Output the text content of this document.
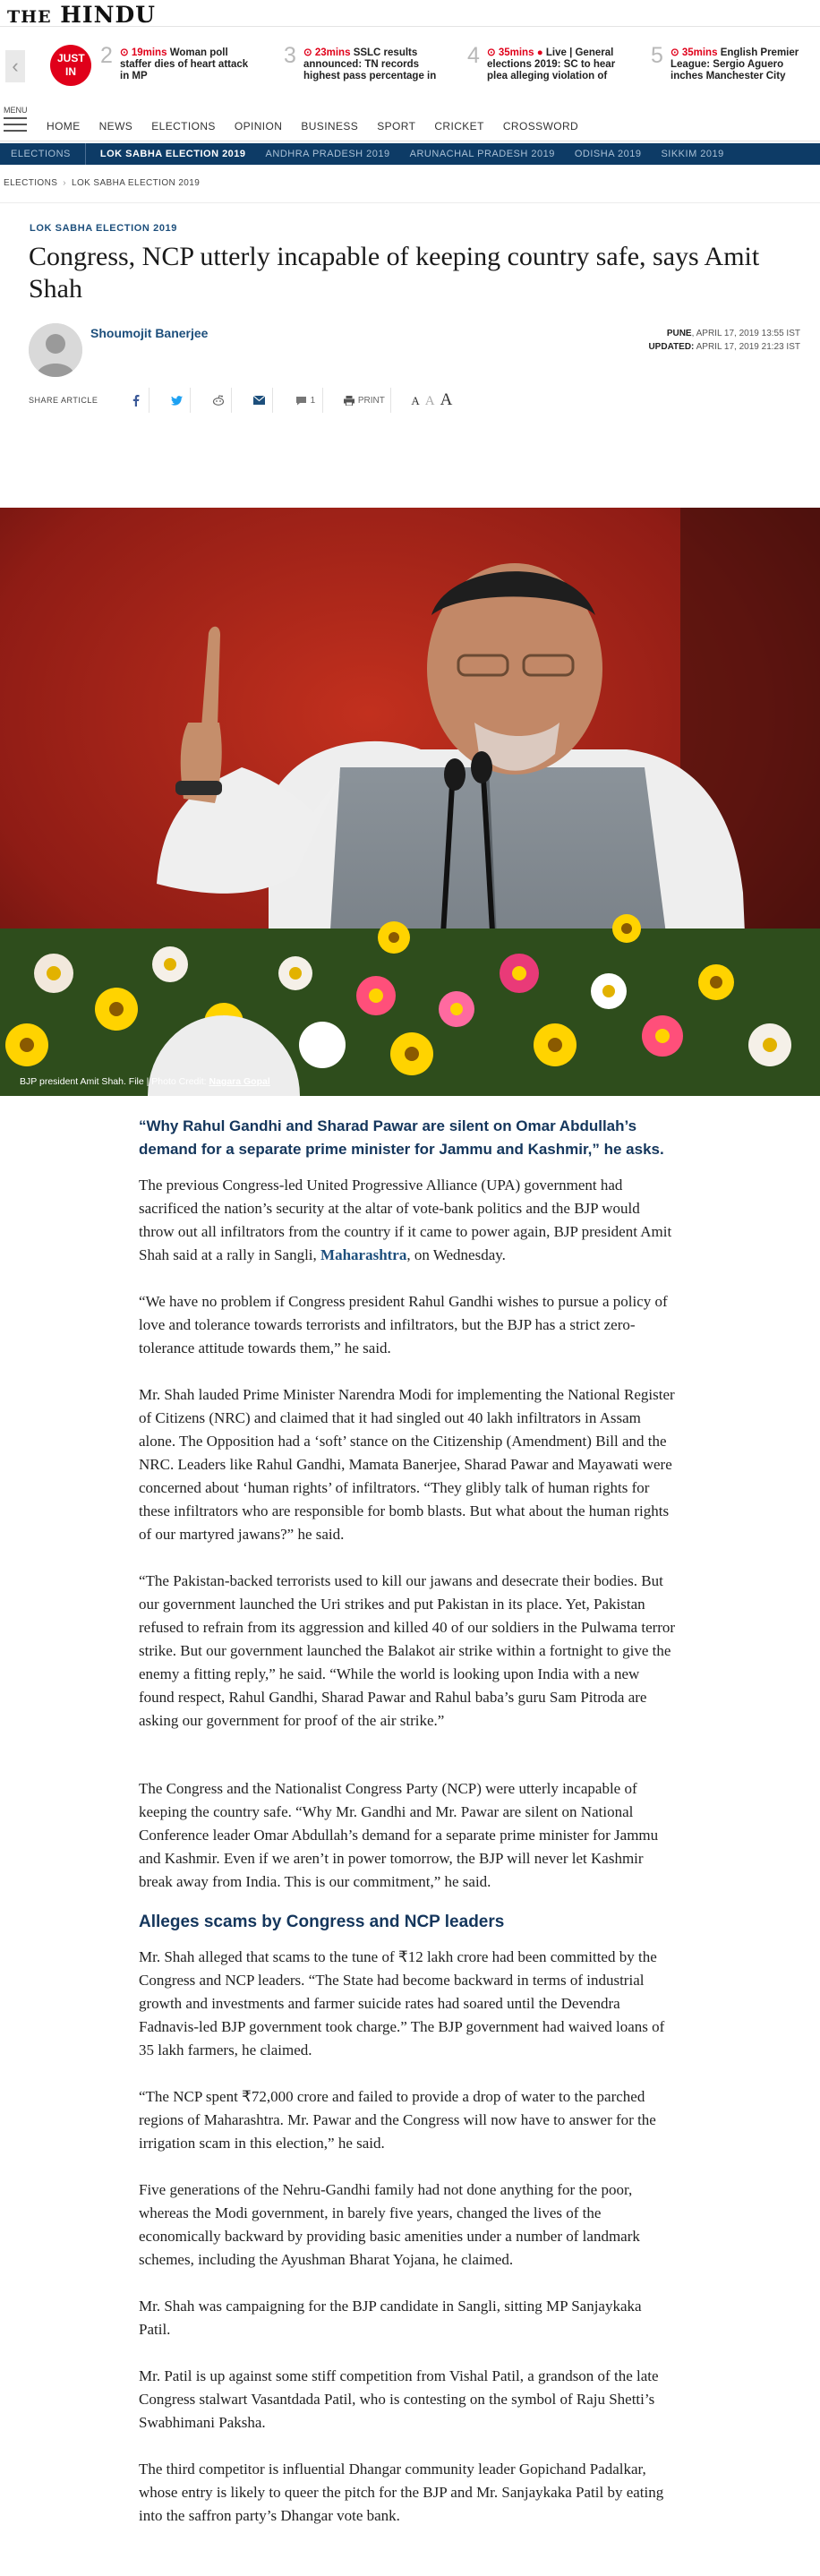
THE HINDU
‹	JUST IN
2 ⊙ 19mins Woman poll staffer dies of heart attack in MP
3 ⊙ 23mins SSLC results announced: TN records highest pass percentage in
4 ⊙ 35mins ● Live | General elections 2019: SC to hear plea alleging violation of
5 ⊙ 35mins English Premier League: Sergio Aguero inches Manchester City
MENU
HOME NEWS ELECTIONS OPINION BUSINESS SPORT CRICKET CROSSWORD
ELECTIONS	LOK SABHA ELECTION 2019 ANDHRA PRADESH 2019 ARUNACHAL PRADESH 2019 ODISHA 2019 SIKKIM 2019
ELECTIONS › LOK SABHA ELECTION 2019
LOK SABHA ELECTION 2019
Congress, NCP utterly incapable of keeping country safe, says Amit Shah
Shoumojit Banerjee	PUNE, APRIL 17, 2019 13:55 IST
UPDATED: APRIL 17, 2019 21:23 IST
SHARE ARTICLE	1	PRINT A A A
BJP president Amit Shah. File | Photo Credit: Nagara Gopal
“Why Rahul Gandhi and Sharad Pawar are silent on Omar Abdullah’s demand for a separate prime minister for Jammu and Kashmir,” he asks.

The previous Congress-led United Progressive Alliance (UPA) government had sacrificed the nation’s security at the altar of vote-bank politics and the BJP would throw out all infiltrators from the country if it came to power again, BJP president Amit Shah said at a rally in Sangli, Maharashtra, on Wednesday.

“We have no problem if Congress president Rahul Gandhi wishes to pursue a policy of love and tolerance towards terrorists and infiltrators, but the BJP has a strict zero-tolerance attitude towards them,” he said.

Mr. Shah lauded Prime Minister Narendra Modi for implementing the National Register of Citizens (NRC) and claimed that it had singled out 40 lakh infiltrators in Assam alone. The Opposition had a ‘soft’ stance on the Citizenship (Amendment) Bill and the NRC. Leaders like Rahul Gandhi, Mamata Banerjee, Sharad Pawar and Mayawati were concerned about ‘human rights’ of infiltrators. “They glibly talk of human rights for these infiltrators who are responsible for bomb blasts. But what about the human rights of our martyred jawans?” he said.

“The Pakistan-backed terrorists used to kill our jawans and desecrate their bodies. But our government launched the Uri strikes and put Pakistan in its place. Yet, Pakistan refused to refrain from its aggression and killed 40 of our soldiers in the Pulwama terror strike. But our government launched the Balakot air strike within a fortnight to give the enemy a fitting reply,” he said. “While the world is looking upon India with a new found respect, Rahul Gandhi, Sharad Pawar and Rahul baba’s guru Sam Pitroda are asking our government for proof of the air strike.”

The Congress and the Nationalist Congress Party (NCP) were utterly incapable of keeping the country safe. “Why Mr. Gandhi and Mr. Pawar are silent on National Conference leader Omar Abdullah’s demand for a separate prime minister for Jammu and Kashmir. Even if we aren’t in power tomorrow, the BJP will never let Kashmir break away from India. This is our commitment,” he said.

Alleges scams by Congress and NCP leaders

Mr. Shah alleged that scams to the tune of ₹12 lakh crore had been committed by the Congress and NCP leaders. “The State had become backward in terms of industrial growth and investments and farmer suicide rates had soared until the Devendra Fadnavis-led BJP government took charge.” The BJP government had waived loans of 35 lakh farmers, he claimed.

“The NCP spent ₹72,000 crore and failed to provide a drop of water to the parched regions of Maharashtra. Mr. Pawar and the Congress will now have to answer for the irrigation scam in this election,” he said.

Five generations of the Nehru-Gandhi family had not done anything for the poor, whereas the Modi government, in barely five years, changed the lives of the economically backward by providing basic amenities under a number of landmark schemes, including the Ayushman Bharat Yojana, he claimed.

Mr. Shah was campaigning for the BJP candidate in Sangli, sitting MP Sanjaykaka Patil.

Mr. Patil is up against some stiff competition from Vishal Patil, a grandson of the late Congress stalwart Vasantdada Patil, who is contesting on the symbol of Raju Shetti’s Swabhimani Paksha.

The third competitor is influential Dhangar community leader Gopichand Padalkar, whose entry is likely to queer the pitch for the BJP and Mr. Sanjaykaka Patil by eating into the saffron party’s Dhangar vote bank.
